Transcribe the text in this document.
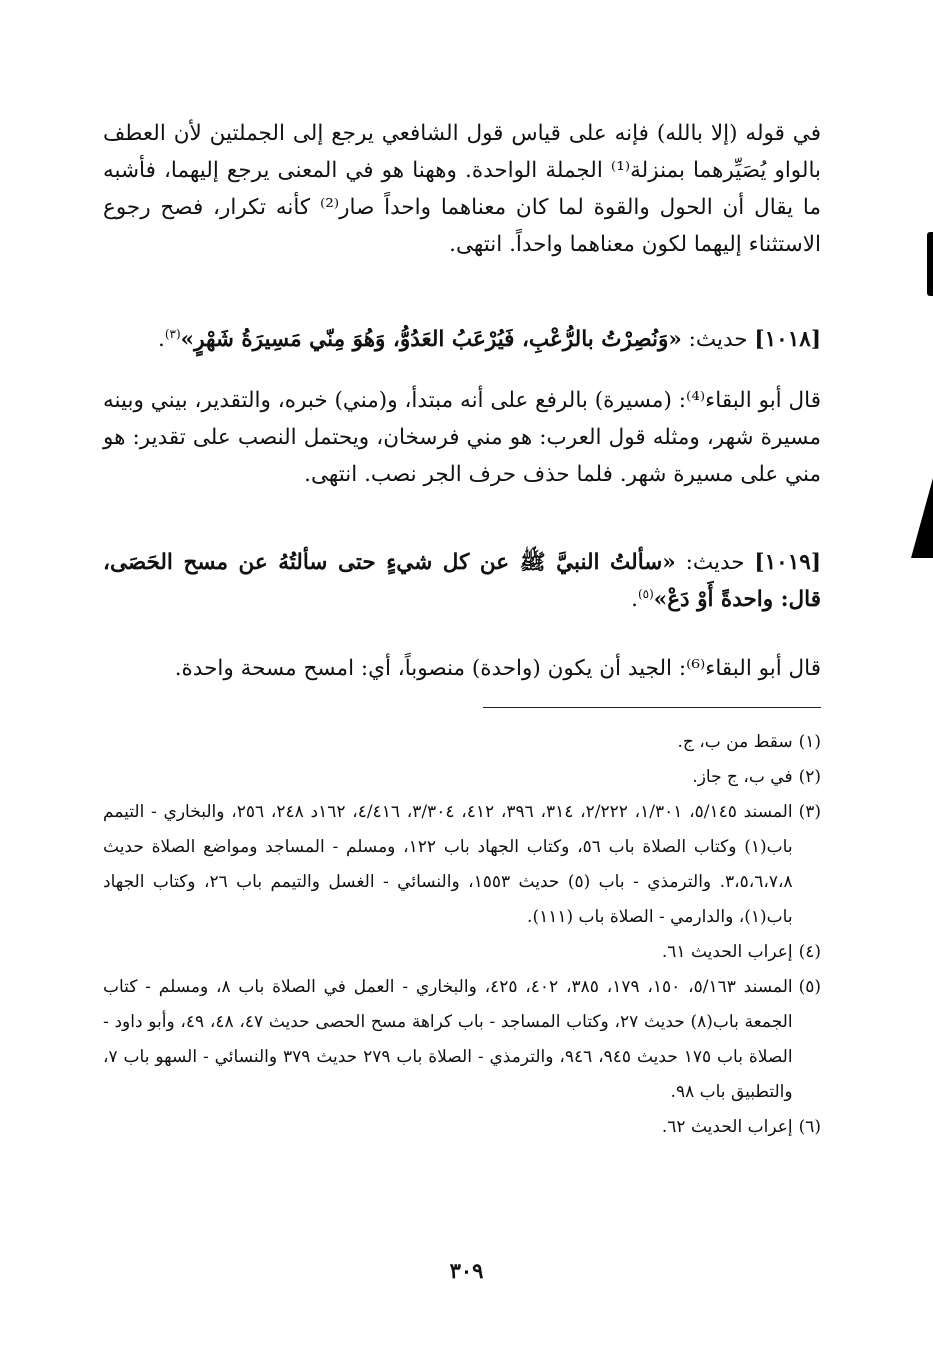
في قوله (إلا بالله) فإنه على قياس قول الشافعي يرجع إلى الجملتين لأن العطف بالواو يُصَيِّرهما بمنزلة⁽¹⁾ الجملة الواحدة. وههنا هو في المعنى يرجع إليهما، فأشبه ما يقال أن الحول والقوة لما كان معناهما واحداً صار⁽²⁾ كأنه تكرار، فصح رجوع الاستثناء إليهما لكون معناهما واحداً. انتهى.

[١٠١٨] حديث: «وَنُصِرْتُ بالرُّعْبِ، فَيُرْعَبُ العَدُوُّ، وَهُوَ مِنّي مَسِيرَةُ شَهْرٍ»$^{(٣)}$.

قال أبو البقاء⁽⁴⁾: (مسيرة) بالرفع على أنه مبتدأ، و(مني) خبره، والتقدير، بيني وبينه مسيرة شهر، ومثله قول العرب: هو مني فرسخان، ويحتمل النصب على تقدير: هو مني على مسيرة شهر. فلما حذف حرف الجر نصب. انتهى.

[١٠١٩] حديث: «سألتُ النبيَّ ﷺ عن كل شيءٍ حتى سألتُهُ عن مسح الحَصَى، قال: واحدةً أَوْ دَعْ»$^{(٥)}$.

قال أبو البقاء⁽⁶⁾: الجيد أن يكون (واحدة) منصوباً، أي: امسح مسحة واحدة.

(١)
سقط من ب، ج.
(٢)
في ب، ج جاز.
(٣)
المسند ٥/١٤٥، ١/٣٠١، ٢/٢٢٢، ٣١٤، ٣٩٦، ٤١٢، ٣/٣٠٤، ٤/٤١٦، ١٦٢د ٢٤٨، ٢٥٦، والبخاري - التيمم باب(١) وكتاب الصلاة باب ٥٦، وكتاب الجهاد باب ١٢٢، ومسلم - المساجد ومواضع الصلاة حديث ٣،٥،٦،٧،٨. والترمذي - باب (٥) حديث ١٥٥٣، والنسائي - الغسل والتيمم باب ٢٦، وكتاب الجهاد باب(١)، والدارمي - الصلاة باب (١١١).
(٤)
إعراب الحديث ٦١.
(٥)
المسند ٥/١٦٣، ١٥٠، ١٧٩، ٣٨٥، ٤٠٢، ٤٢٥، والبخاري - العمل في الصلاة باب ٨، ومسلم - كتاب الجمعة باب(٨) حديث ٢٧، وكتاب المساجد - باب كراهة مسح الحصى حديث ٤٧، ٤٨، ٤٩، وأبو داود - الصلاة باب ١٧٥ حديث ٩٤٥، ٩٤٦، والترمذي - الصلاة باب ٢٧٩ حديث ٣٧٩ والنسائي - السهو باب ٧، والتطبيق باب ٩٨.
(٦)
إعراب الحديث ٦٢.
٣٠٩
